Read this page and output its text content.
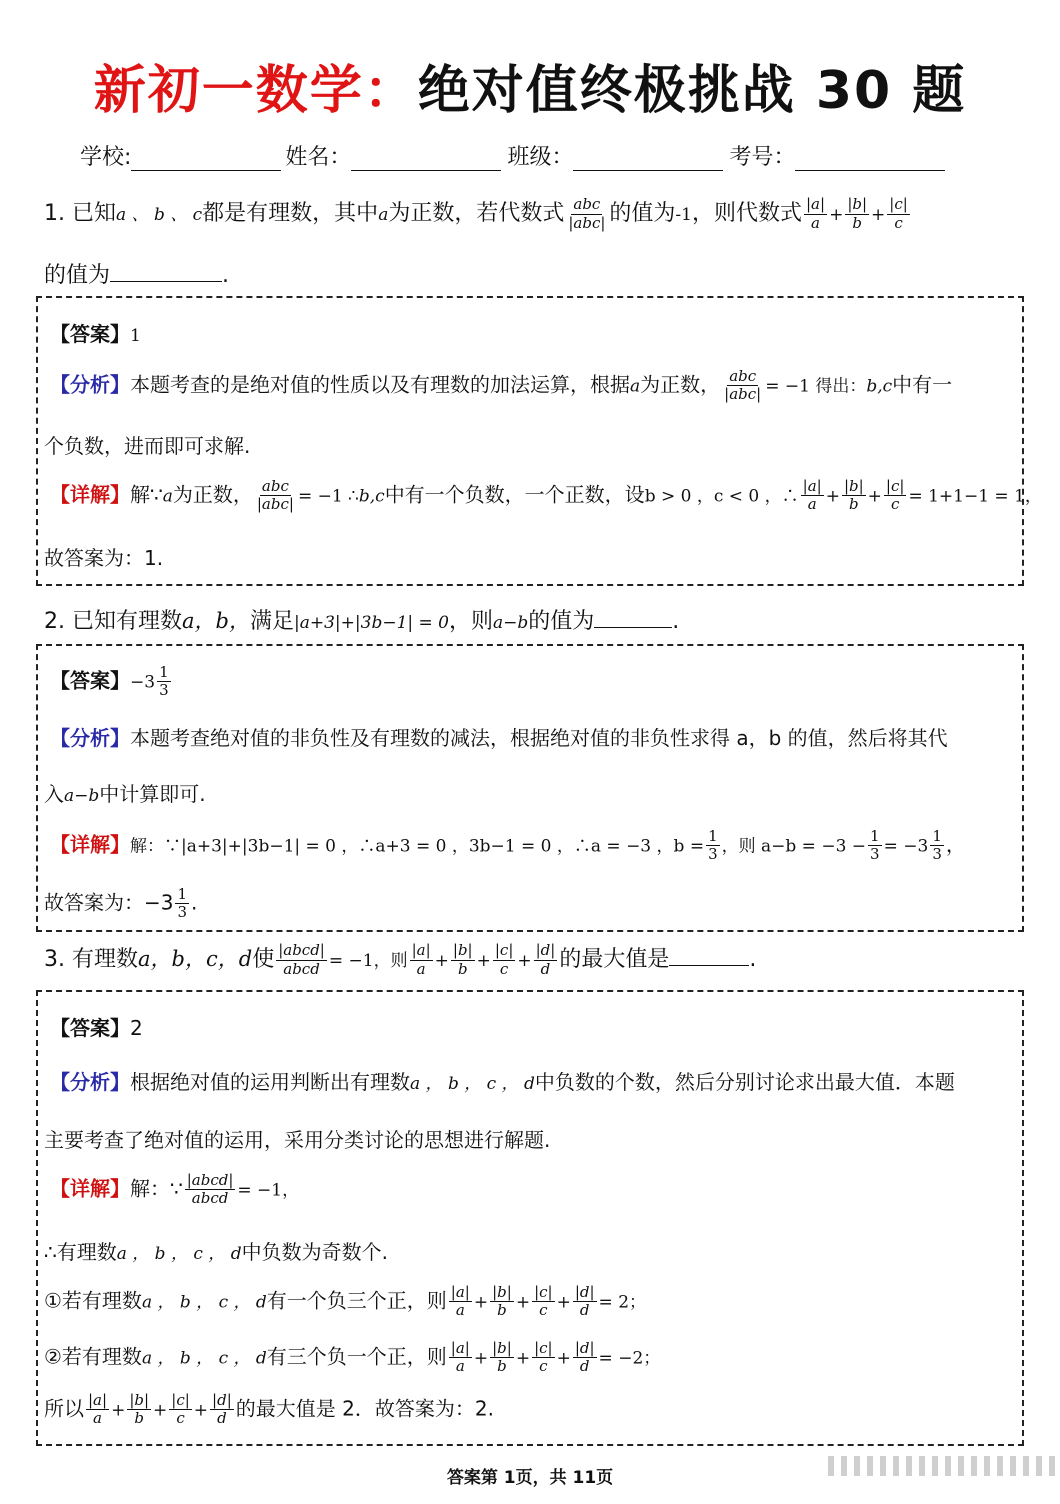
新初一数学：绝对值终极挑战 30 题
学校:	姓名：	班级：	考号：
1. 已知a 、 b 、 c都是有理数，其中a为正数，若代数式 $\frac{\text{abc}}{\text{|abc|}}$ 的值为-1，则代数式 $\frac{|a|}{a} + \frac{|b|}{b} + \frac{|c|}{c}$
的值为	.
【答案】1
【分析】本题考查的是绝对值的性质以及有理数的加法运算，根据a为正数， $\frac{\text{abc}}{\text{|abc|}} = -1$ 得出：b,c中有一
个负数，进而即可求解.
【详解】解∵a为正数， $\frac{\text{abc}}{\text{|abc|}} = -1$ ∴b,c中有一个负数，一个正数，设b > 0 ，c < 0 ，∴ $\frac{|a|}{a} + \frac{|b|}{b} + \frac{|c|}{c} = 1+1-1 = 1$，
故答案为：1.
2. 已知有理数a，b，满足|a+3|+|3b−1| = 0，则a−b的值为	.
【答案】$-3 \frac{1}{3}$
【分析】本题考查绝对值的非负性及有理数的减法，根据绝对值的非负性求得 a，b 的值，然后将其代
入a−b中计算即可.
【详解】解：∵|a+3|+|3b−1| = 0 ，∴a+3 = 0 ，3b−1 = 0 ，∴a = −3 ，$b = \frac{1}{3}$ ，则 $a-b = -3 - \frac{1}{3} = -3 \frac{1}{3}$ ，
故答案为：$-3 \frac{1}{3}$ .
3. 有理数a，b，c，d使 $\frac{\text{|abcd|}}{\text{abcd}} = -1$，则 $\frac{|a|}{a} + \frac{|b|}{b} + \frac{|c|}{c} + \frac{|d|}{d}$ 的最大值是	.
【答案】2
【分析】根据绝对值的运用判断出有理数a ， b ， c ， d中负数的个数，然后分别讨论求出最大值．本题
主要考查了绝对值的运用，采用分类讨论的思想进行解题.
【详解】解：∵ $\frac{\text{|abcd|}}{\text{abcd}} = -1$，
∴有理数a ， b ， c ， d中负数为奇数个.
①若有理数a ， b ， c ， d有一个负三个正，则 $\frac{|a|}{a} + \frac{|b|}{b} + \frac{|c|}{c} + \frac{|d|}{d} = 2$；
②若有理数a ， b ， c ， d有三个负一个正，则 $\frac{|a|}{a} + \frac{|b|}{b} + \frac{|c|}{c} + \frac{|d|}{d} = -2$；
所以 $\frac{|a|}{a} + \frac{|b|}{b} + \frac{|c|}{c} + \frac{|d|}{d}$ 的最大值是 2．故答案为：2.
答案第 1页，共 11页
